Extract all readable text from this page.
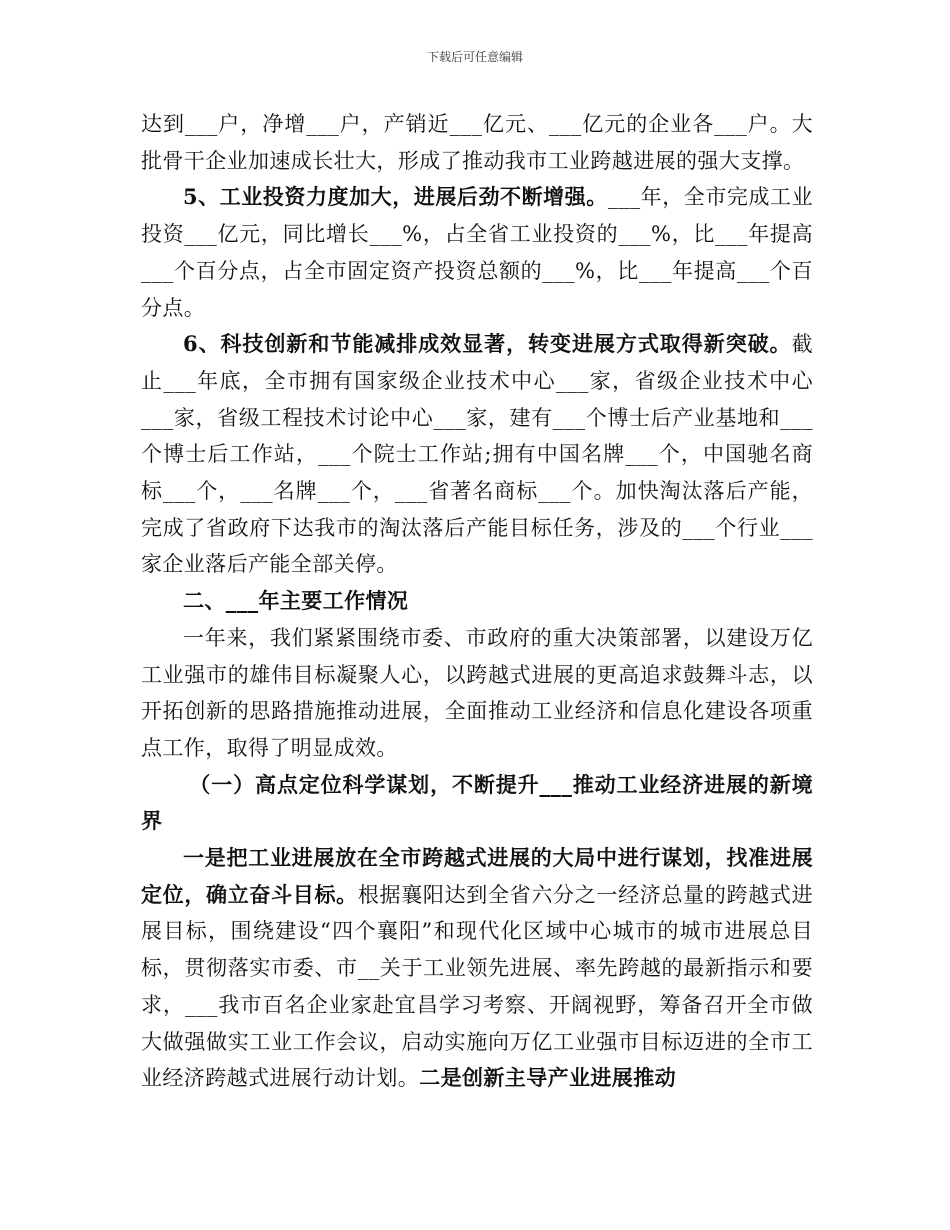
下载后可任意编辑

达到___户，净增___户，产销近___亿元、___亿元的企业各___户。大批骨干企业加速成长壮大，形成了推动我市工业跨越进展的强大支撑。

5、工业投资力度加大，进展后劲不断增强。___年，全市完成工业投资___亿元，同比增长___%，占全省工业投资的___%，比___年提高___个百分点，占全市固定资产投资总额的___%，比___年提高___个百分点。

6、科技创新和节能减排成效显著，转变进展方式取得新突破。截止___年底，全市拥有国家级企业技术中心___家，省级企业技术中心___家，省级工程技术讨论中心___家，建有___个博士后产业基地和___个博士后工作站，___个院士工作站;拥有中国名牌___个，中国驰名商标___个，___名牌___个，___省著名商标___个。加快淘汰落后产能，完成了省政府下达我市的淘汰落后产能目标任务，涉及的___个行业___家企业落后产能全部关停。

二、___年主要工作情况

一年来，我们紧紧围绕市委、市政府的重大决策部署，以建设万亿工业强市的雄伟目标凝聚人心，以跨越式进展的更高追求鼓舞斗志，以开拓创新的思路措施推动进展，全面推动工业经济和信息化建设各项重点工作，取得了明显成效。

（一）高点定位科学谋划，不断提升___推动工业经济进展的新境界

一是把工业进展放在全市跨越式进展的大局中进行谋划，找准进展定位，确立奋斗目标。根据襄阳达到全省六分之一经济总量的跨越式进展目标，围绕建设“四个襄阳”和现代化区域中心城市的城市进展总目标，贯彻落实市委、市__关于工业领先进展、率先跨越的最新指示和要求，___我市百名企业家赴宜昌学习考察、开阔视野，筹备召开全市做大做强做实工业工作会议，启动实施向万亿工业强市目标迈进的全市工业经济跨越式进展行动计划。二是创新主导产业进展推动
